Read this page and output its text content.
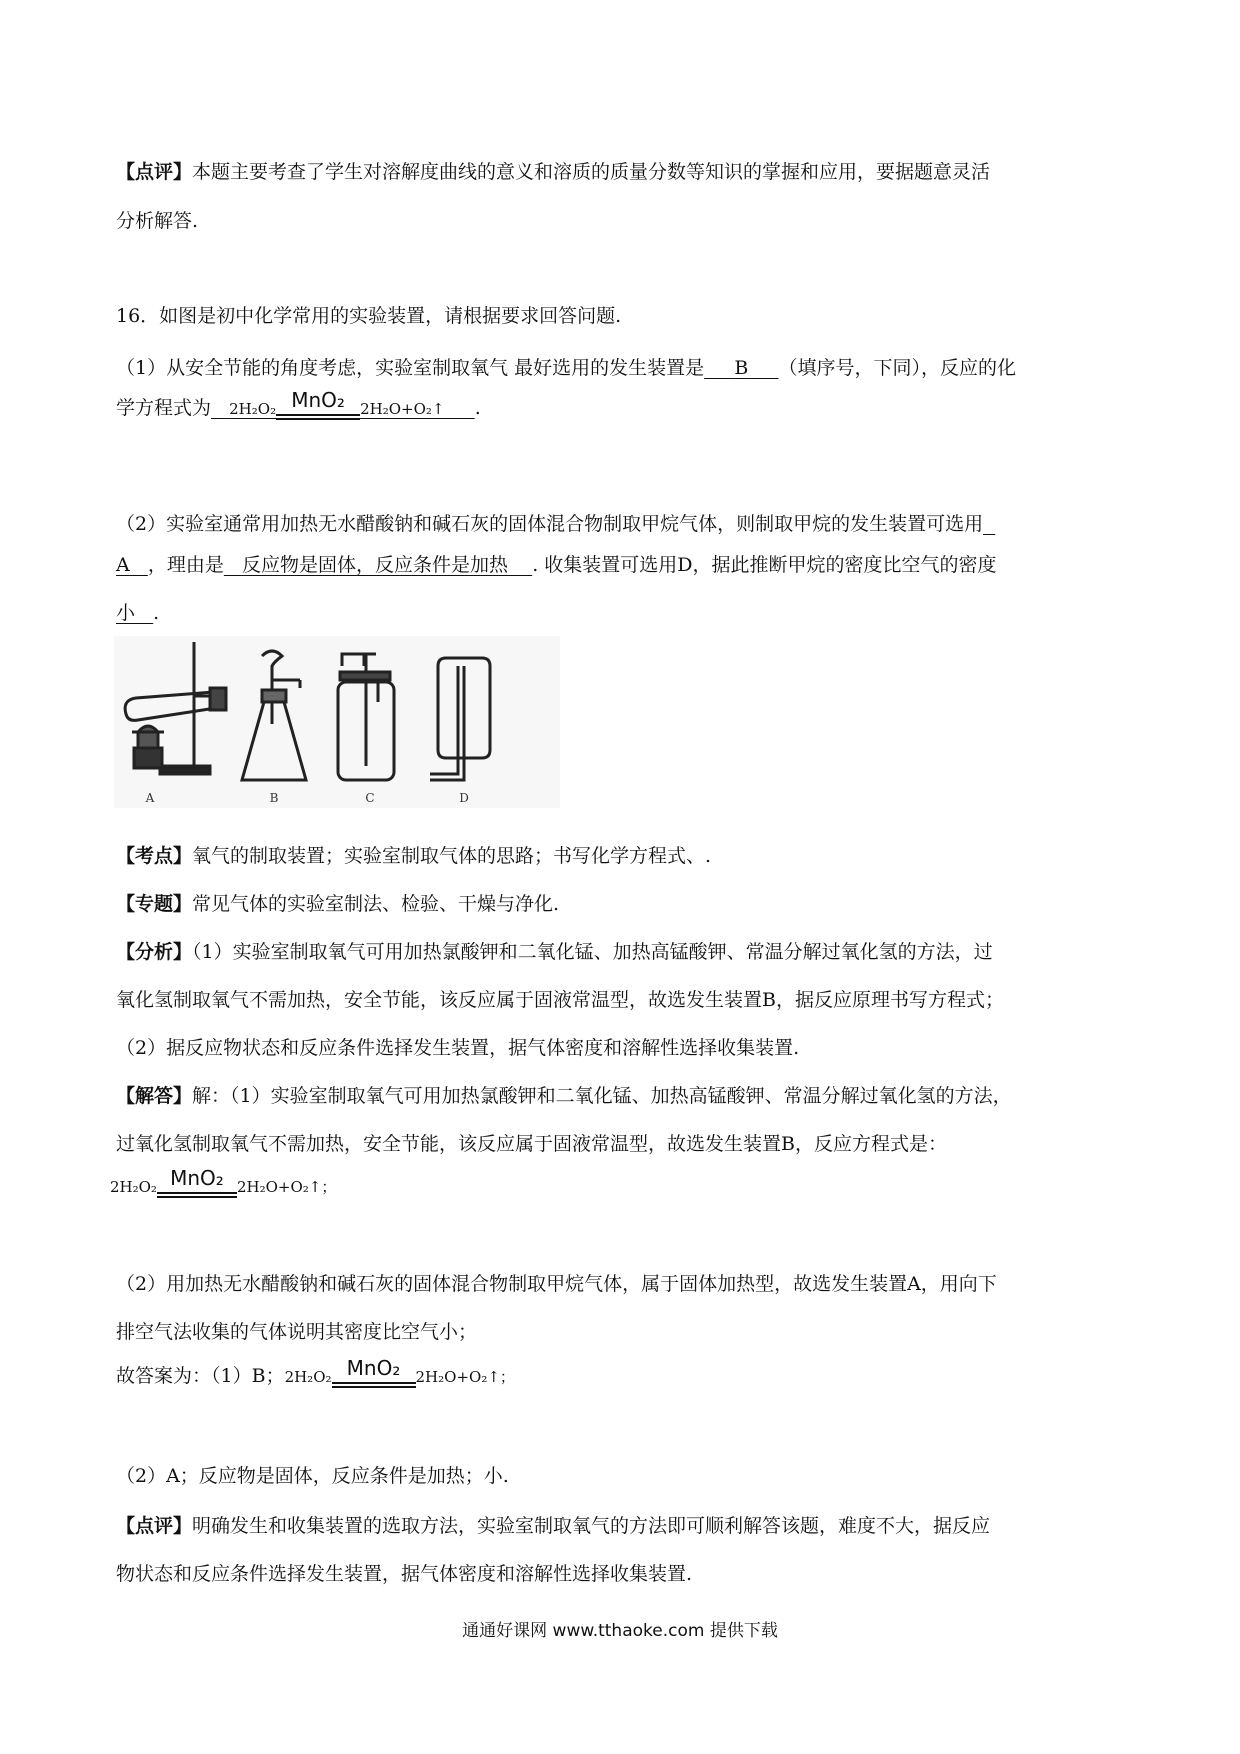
【点评】本题主要考查了学生对溶解度曲线的意义和溶质的质量分数等知识的掌握和应用，要据题意灵活
分析解答.
16．如图是初中化学常用的实验装置，请根据要求回答问题.
（1）从安全节能的角度考虑，实验室制取氧气 最好选用的发生装置是 B （填序号，下同），反应的化
学方程式为 2H₂O₂ MnO₂	2H₂O+O₂↑ .
（2）实验室通常用加热无水醋酸钠和碱石灰的固体混合物制取甲烷气体，则制取甲烷的发生装置可选用
A ，理由是 反应物是固体，反应条件是加热 . 收集装置可选用D，据此推断甲烷的密度比空气的密度
小 .
A	B	C	D
【考点】氧气的制取装置；实验室制取气体的思路；书写化学方程式、.
【专题】常见气体的实验室制法、检验、干燥与净化.
【分析】（1）实验室制取氧气可用加热氯酸钾和二氧化锰、加热高锰酸钾、常温分解过氧化氢的方法，过
氧化氢制取氧气不需加热，安全节能，该反应属于固液常温型，故选发生装置B，据反应原理书写方程式；
（2）据反应物状态和反应条件选择发生装置，据气体密度和溶解性选择收集装置.
【解答】解：（1）实验室制取氧气可用加热氯酸钾和二氧化锰、加热高锰酸钾、常温分解过氧化氢的方法，
过氧化氢制取氧气不需加热，安全节能，该反应属于固液常温型，故选发生装置B，反应方程式是：
2H₂O₂ MnO₂ 2H₂O+O₂↑；
（2）用加热无水醋酸钠和碱石灰的固体混合物制取甲烷气体，属于固体加热型，故选发生装置A，用向下
排空气法收集的气体说明其密度比空气小；
故答案为：（1）B；2H₂O₂ MnO₂	2H₂O+O₂↑；
（2）A；反应物是固体，反应条件是加热；小.
【点评】明确发生和收集装置的选取方法，实验室制取氧气的方法即可顺利解答该题，难度不大，据反应
物状态和反应条件选择发生装置，据气体密度和溶解性选择收集装置.
通通好课网 www.tthaoke.com 提供下载
